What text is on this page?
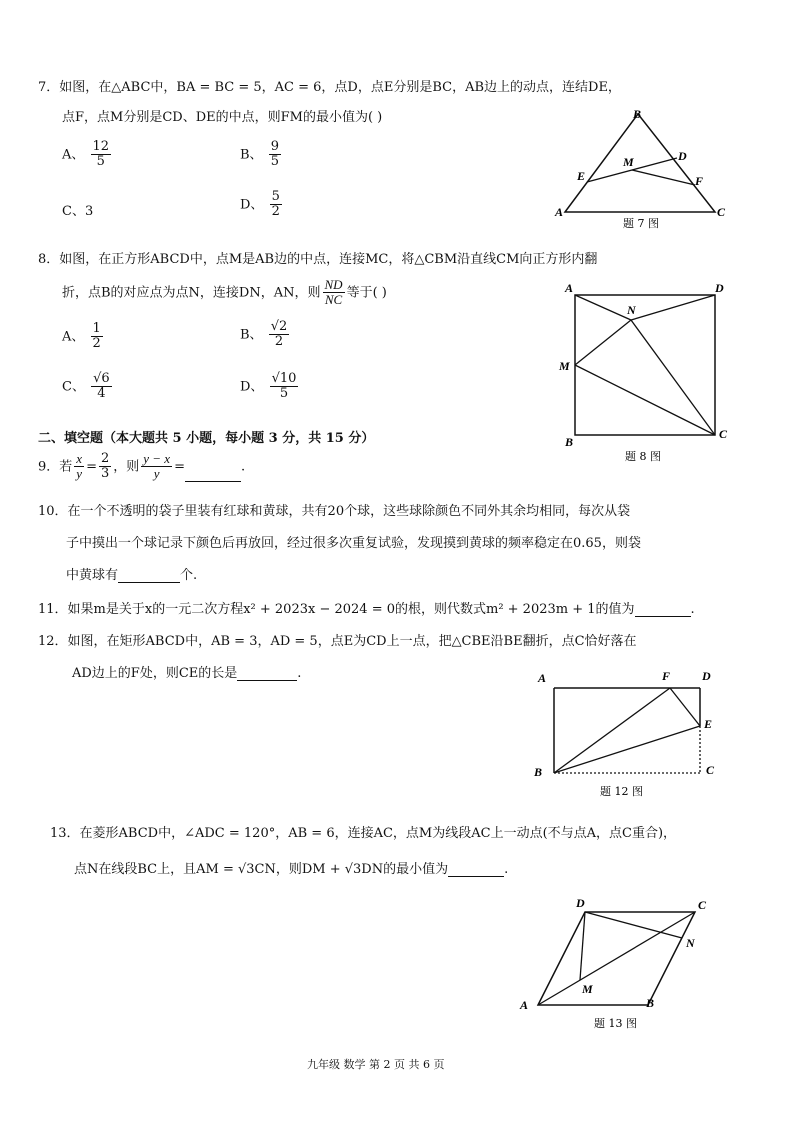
7．如图，在△ABC中，BA = BC = 5，AC = 6，点D，点E分别是BC，AB边上的动点，连结DE，
点F，点M分别是CD、DE的中点，则FM的最小值为( )
A、 $\frac{12}{5}$	B、 $\frac{9}{5}$
C、3	D、 $\frac{5}{2}$
B
A	C
D
E	F
M
题 7 图
8．如图，在正方形ABCD中，点M是AB边的中点，连接MC，将△CBM沿直线CM向正方形内翻
折，点B的对应点为点N，连接DN，AN，则 $\frac{ND}{NC}$ 等于( )
A、 $\frac{1}{2}$	B、 $\frac{√2}{2}$
C、 $\frac{√6}{4}$	D、 $\frac{√10}{5}$
A	D
B
C
M
N
题 8 图
二、填空题（本大题共 5 小题，每小题 3 分，共 15 分）
9．若 $\frac{x}{y} = \frac{2}{3}$ ，则 $\frac{y - x}{y}$ =	.
10．在一个不透明的袋子里装有红球和黄球，共有20个球，这些球除颜色不同外其余均相同，每次从袋
子中摸出一个球记录下颜色后再放回，经过很多次重复试验，发现摸到黄球的频率稳定在0.65，则袋
中黄球有	个.
11．如果m是关于x的一元二次方程x² + 2023x − 2024 = 0的根，则代数式m² + 2023m + 1的值为	.
12．如图，在矩形ABCD中，AB = 3，AD = 5，点E为CD上一点，把△CBE沿BE翻折，点C恰好落在
AD边上的F处，则CE的长是	.	A	F	D
E
B	C
题 12 图
13．在菱形ABCD中，∠ADC = 120°，AB = 6，连接AC，点M为线段AC上一动点(不与点A，点C重合)，
点N在线段BC上，且AM = √3CN，则DM + √3DN的最小值为	.
D	C
N
M
A	B
题 13 图
九年级 数学 第 2 页 共 6 页
